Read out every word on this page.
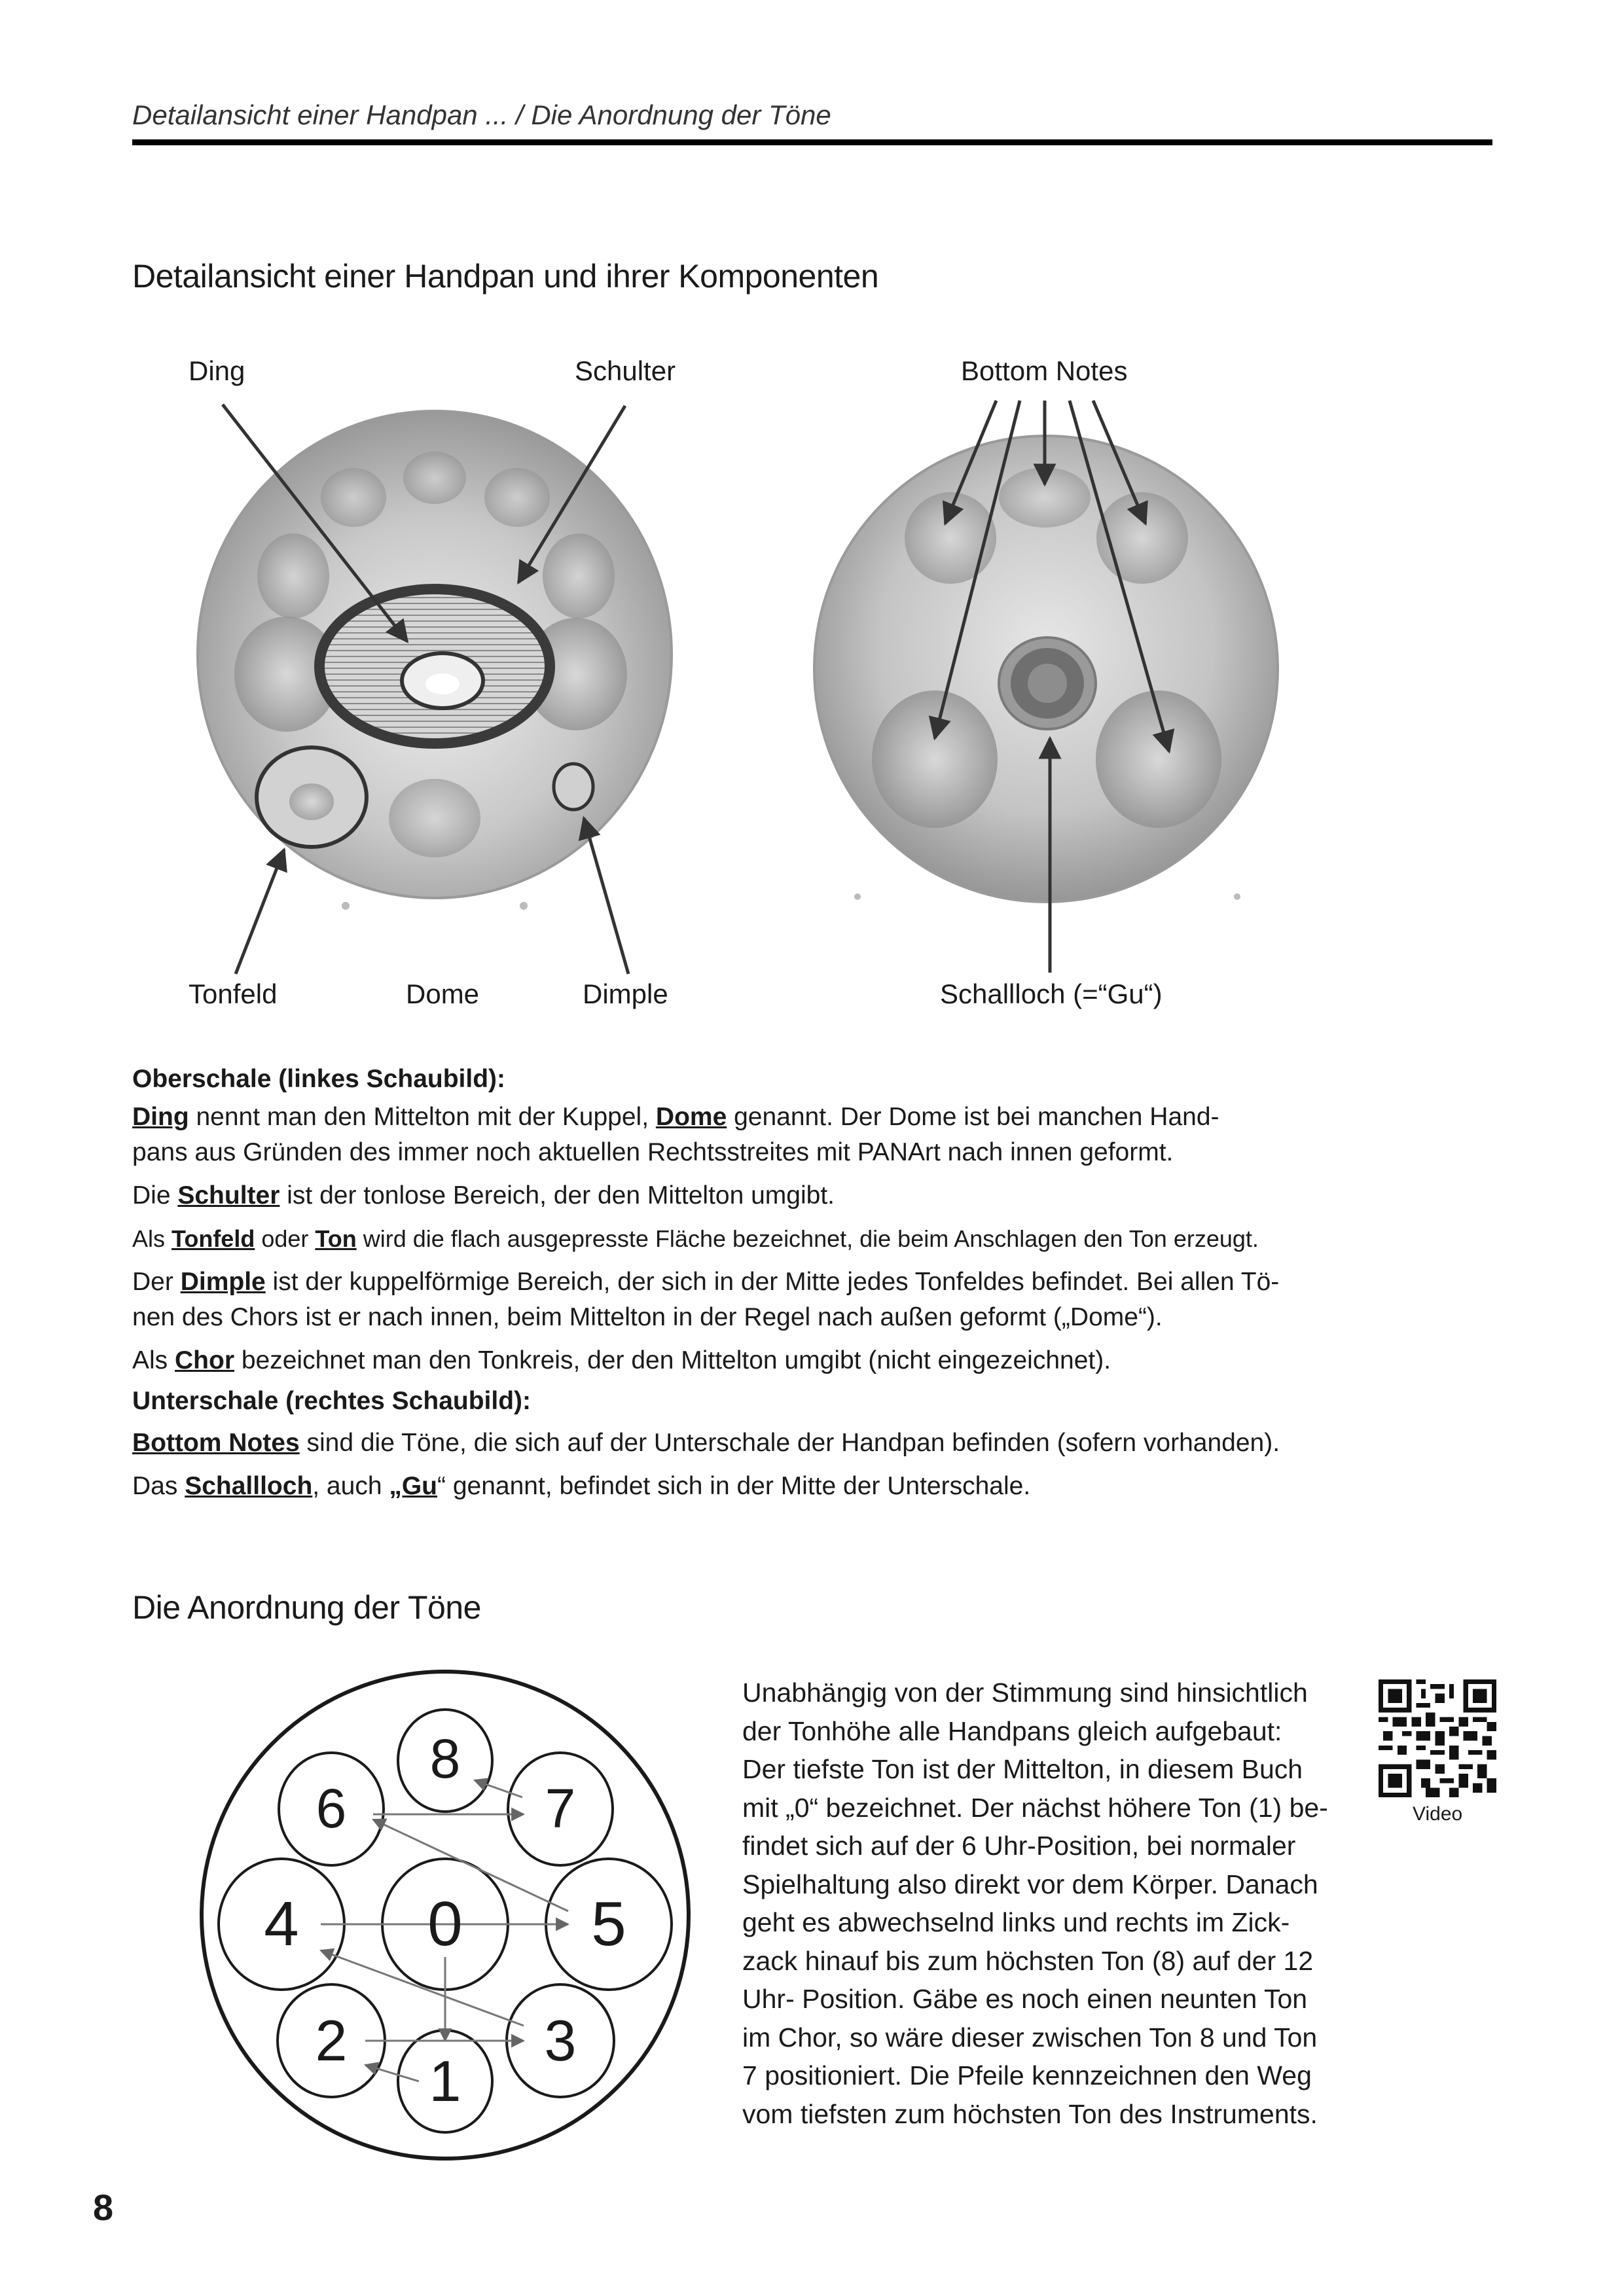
Detailansicht einer Handpan ... / Die Anordnung der Töne
Detailansicht einer Handpan und ihrer Komponenten
Ding	Schulter	Bottom Notes
Tonfeld	Dome	Dimple	Schallloch (=“Gu“)
Oberschale (linkes Schaubild):
Ding nennt man den Mittelton mit der Kuppel, Dome genannt. Der Dome ist bei manchen Hand-
pans aus Gründen des immer noch aktuellen Rechtsstreites mit PANArt nach innen geformt.
Die Schulter ist der tonlose Bereich, der den Mittelton umgibt.
Als Tonfeld oder Ton wird die flach ausgepresste Fläche bezeichnet, die beim Anschlagen den Ton erzeugt.
Der Dimple ist der kuppelförmige Bereich, der sich in der Mitte jedes Tonfeldes befindet. Bei allen Tö-
nen des Chors ist er nach innen, beim Mittelton in der Regel nach außen geformt („Dome“).
Als Chor bezeichnet man den Tonkreis, der den Mittelton umgibt (nicht eingezeichnet).
Unterschale (rechtes Schaubild):
Bottom Notes sind die Töne, die sich auf der Unterschale der Handpan befinden (sofern vorhanden).
Das Schallloch, auch „Gu“ genannt, befindet sich in der Mitte der Unterschale.
Die Anordnung der Töne
8
6	7
4 0 5
2	3
1
Unabhängig von der Stimmung sind hinsichtlich
der Tonhöhe alle Handpans gleich aufgebaut:
Der tiefste Ton ist der Mittelton, in diesem Buch
mit „0“ bezeichnet. Der nächst höhere Ton (1) be-
findet sich auf der 6 Uhr-Position, bei normaler
Spielhaltung also direkt vor dem Körper. Danach
geht es abwechselnd links und rechts im Zick-
zack hinauf bis zum höchsten Ton (8) auf der 12
Uhr- Position. Gäbe es noch einen neunten Ton
im Chor, so wäre dieser zwischen Ton 8 und Ton
7 positioniert. Die Pfeile kennzeichnen den Weg
vom tiefsten zum höchsten Ton des Instruments.
Video
8
